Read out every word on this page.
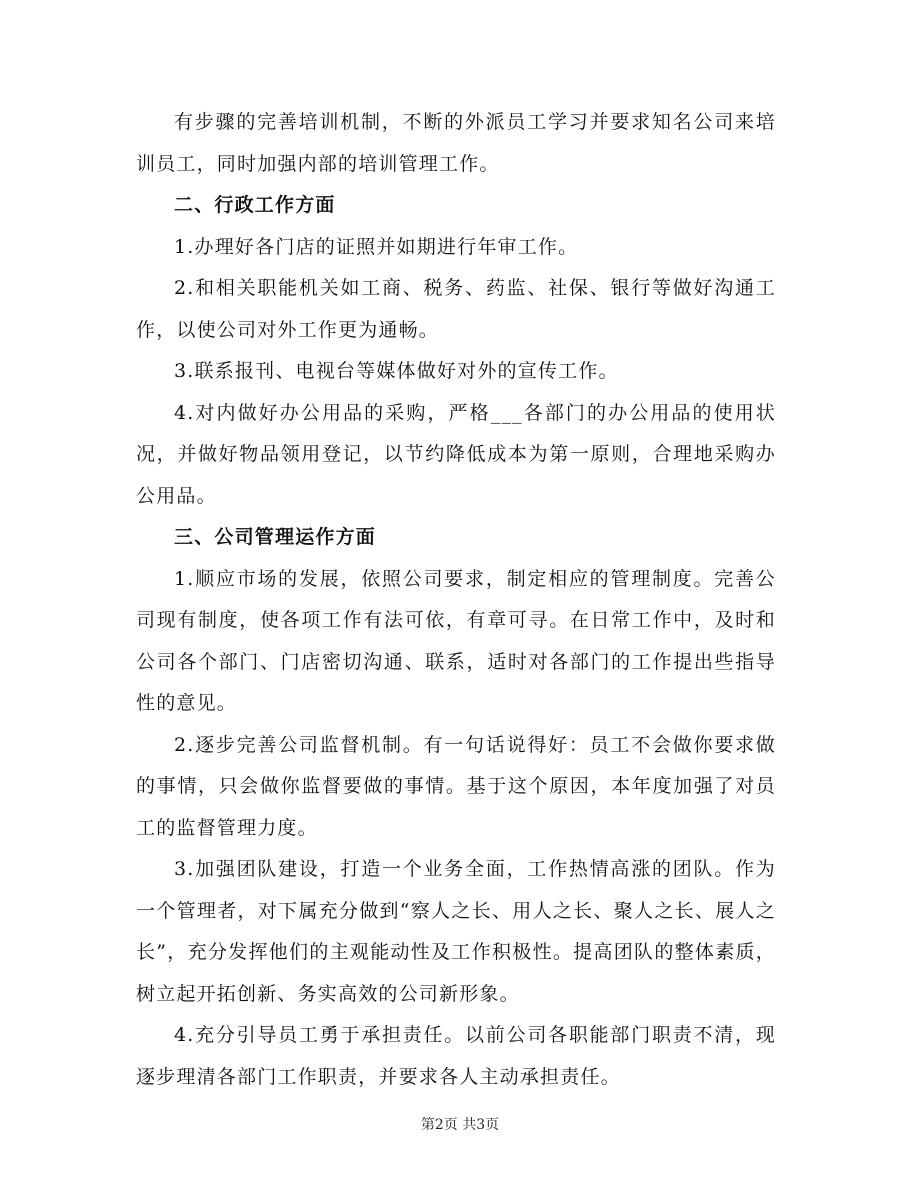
有步骤的完善培训机制，不断的外派员工学习并要求知名公司来培训员工，同时加强内部的培训管理工作。

二、行政工作方面

1.办理好各门店的证照并如期进行年审工作。

2.和相关职能机关如工商、税务、药监、社保、银行等做好沟通工作，以使公司对外工作更为通畅。

3.联系报刊、电视台等媒体做好对外的宣传工作。

4.对内做好办公用品的采购，严格___各部门的办公用品的使用状况，并做好物品领用登记，以节约降低成本为第一原则，合理地采购办公用品。

三、公司管理运作方面

1.顺应市场的发展，依照公司要求，制定相应的管理制度。完善公司现有制度，使各项工作有法可依，有章可寻。在日常工作中，及时和公司各个部门、门店密切沟通、联系，适时对各部门的工作提出些指导性的意见。

2.逐步完善公司监督机制。有一句话说得好：员工不会做你要求做的事情，只会做你监督要做的事情。基于这个原因，本年度加强了对员工的监督管理力度。

3.加强团队建设，打造一个业务全面，工作热情高涨的团队。作为一个管理者，对下属充分做到“察人之长、用人之长、聚人之长、展人之长”，充分发挥他们的主观能动性及工作积极性。提高团队的整体素质，树立起开拓创新、务实高效的公司新形象。

4.充分引导员工勇于承担责任。以前公司各职能部门职责不清，现逐步理清各部门工作职责，并要求各人主动承担责任。

第2页 共3页
